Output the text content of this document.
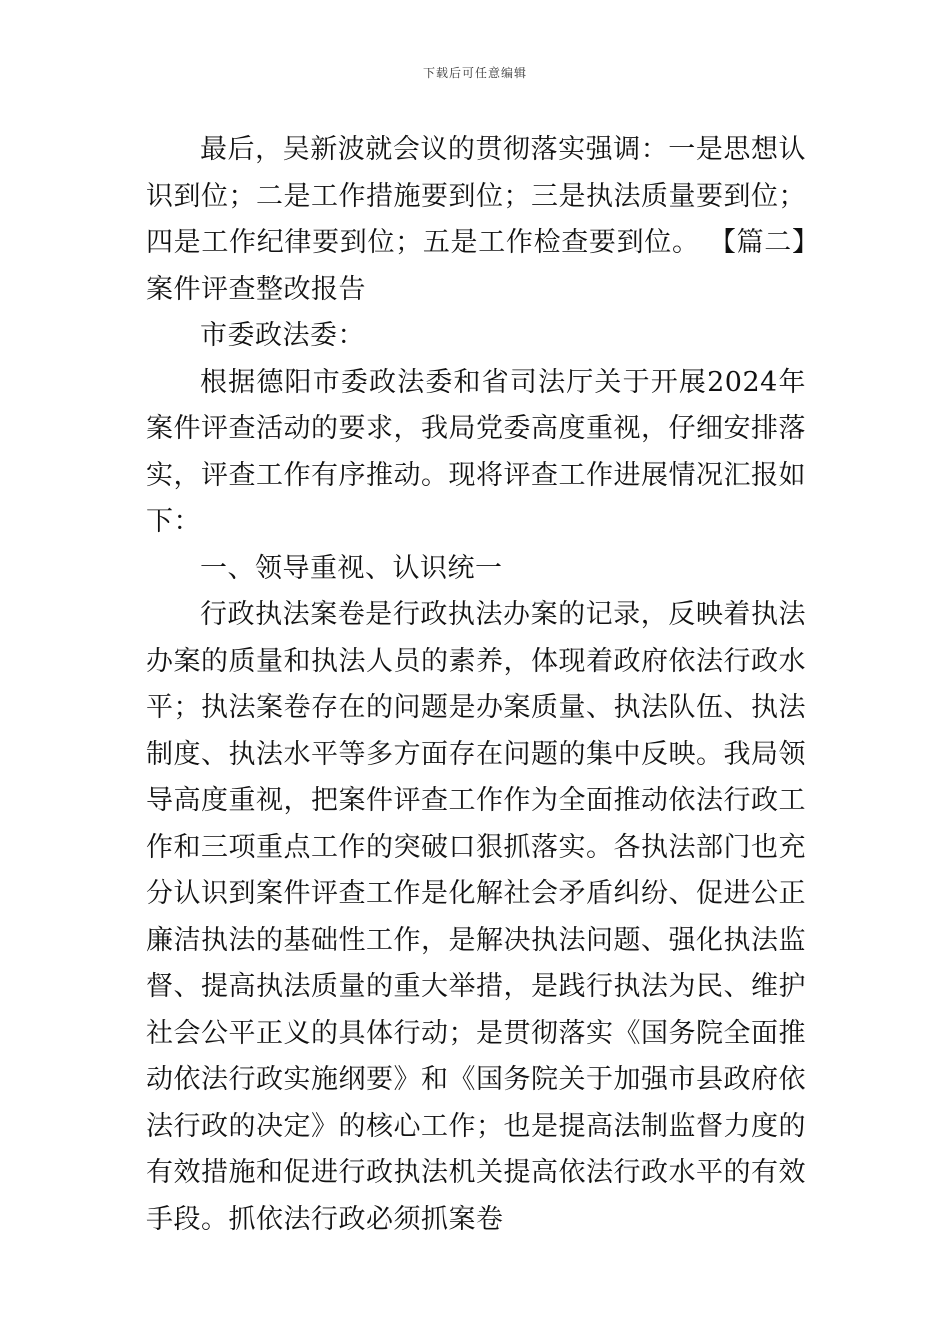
下载后可任意编辑

最后，吴新波就会议的贯彻落实强调：一是思想认识到位；二是工作措施要到位；三是执法质量要到位；四是工作纪律要到位；五是工作检查要到位。 【篇二】案件评查整改报告

市委政法委：

根据德阳市委政法委和省司法厅关于开展2024年案件评查活动的要求，我局党委高度重视，仔细安排落实，评查工作有序推动。现将评查工作进展情况汇报如下：

一、领导重视、认识统一

行政执法案卷是行政执法办案的记录，反映着执法办案的质量和执法人员的素养，体现着政府依法行政水平；执法案卷存在的问题是办案质量、执法队伍、执法制度、执法水平等多方面存在问题的集中反映。我局领导高度重视，把案件评查工作作为全面推动依法行政工作和三项重点工作的突破口狠抓落实。各执法部门也充分认识到案件评查工作是化解社会矛盾纠纷、促进公正廉洁执法的基础性工作，是解决执法问题、强化执法监督、提高执法质量的重大举措，是践行执法为民、维护社会公平正义的具体行动；是贯彻落实《国务院全面推动依法行政实施纲要》和《国务院关于加强市县政府依法行政的决定》的核心工作；也是提高法制监督力度的有效措施和促进行政执法机关提高依法行政水平的有效手段。抓依法行政必须抓案卷
